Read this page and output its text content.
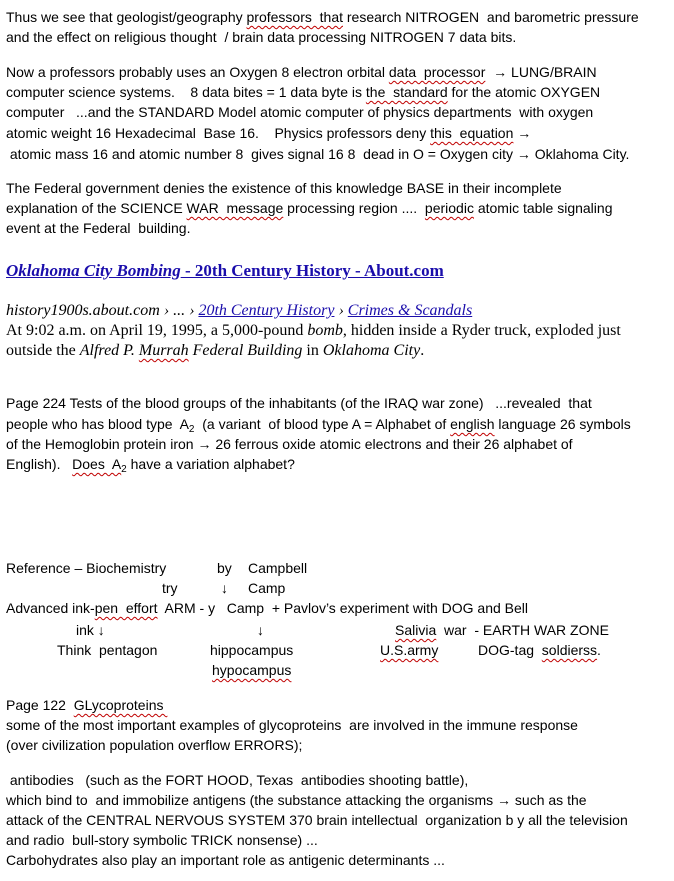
Thus we see that geologist/geography professors  that research NITROGEN  and barometric pressure
and the effect on religious thought  / brain data processing NITROGEN 7 data bits.
Now a professors probably uses an Oxygen 8 electron orbital data  processor  → LUNG/BRAIN
computer science systems.    8 data bites = 1 data byte is the  standard for the atomic OXYGEN
computer   ...and the STANDARD Model atomic computer of physics departments  with oxygen
atomic weight 16 Hexadecimal  Base 16.    Physics professors deny this  equation →
atomic mass 16 and atomic number 8  gives signal 16 8  dead in O = Oxygen city → Oklahoma City.
The Federal government denies the existence of this knowledge BASE in their incomplete
explanation of the SCIENCE WAR  message processing region ....  periodic atomic table signaling
event at the Federal  building.
Oklahoma City Bombing - 20th Century History - About.com
history1900s.about.com › ... › 20th Century History › Crimes & Scandals
At 9:02 a.m. on April 19, 1995, a 5,000-pound bomb, hidden inside a Ryder truck, exploded just
outside the Alfred P. Murrah Federal Building in Oklahoma City.
Page 224 Tests of the blood groups of the inhabitants (of the IRAQ war zone)   ...revealed  that
people who has blood type  $A_2$  (a variant  of blood type A = Alphabet of english language 26 symbols
of the Hemoglobin protein iron → 26 ferrous oxide atomic electrons and their 26 alphabet of
English).   Does  $A_2$ have a variation alphabet?
Reference – Biochemistry	by Campbell
try	↓ Camp
Advanced ink-pen  effort  ARM - y   Camp  + Pavlov’s experiment with DOG and Bell
ink ↓	↓	Salivia  war  - EARTH WAR ZONE
Think  pentagon	hippocampus	U.S.army	DOG-tag  soldierss.
hypocampus
Page 122  GLycoproteins
some of the most important examples of glycoproteins  are involved in the immune response
(over civilization population overflow ERRORS);
antibodies   (such as the FORT HOOD, Texas  antibodies shooting battle),
which bind to  and immobilize antigens (the substance attacking the organisms → such as the
attack of the CENTRAL NERVOUS SYSTEM 370 brain intellectual  organization b y all the television
and radio  bull-story symbolic TRICK nonsense) ...
Carbohydrates also play an important role as antigenic determinants ...
